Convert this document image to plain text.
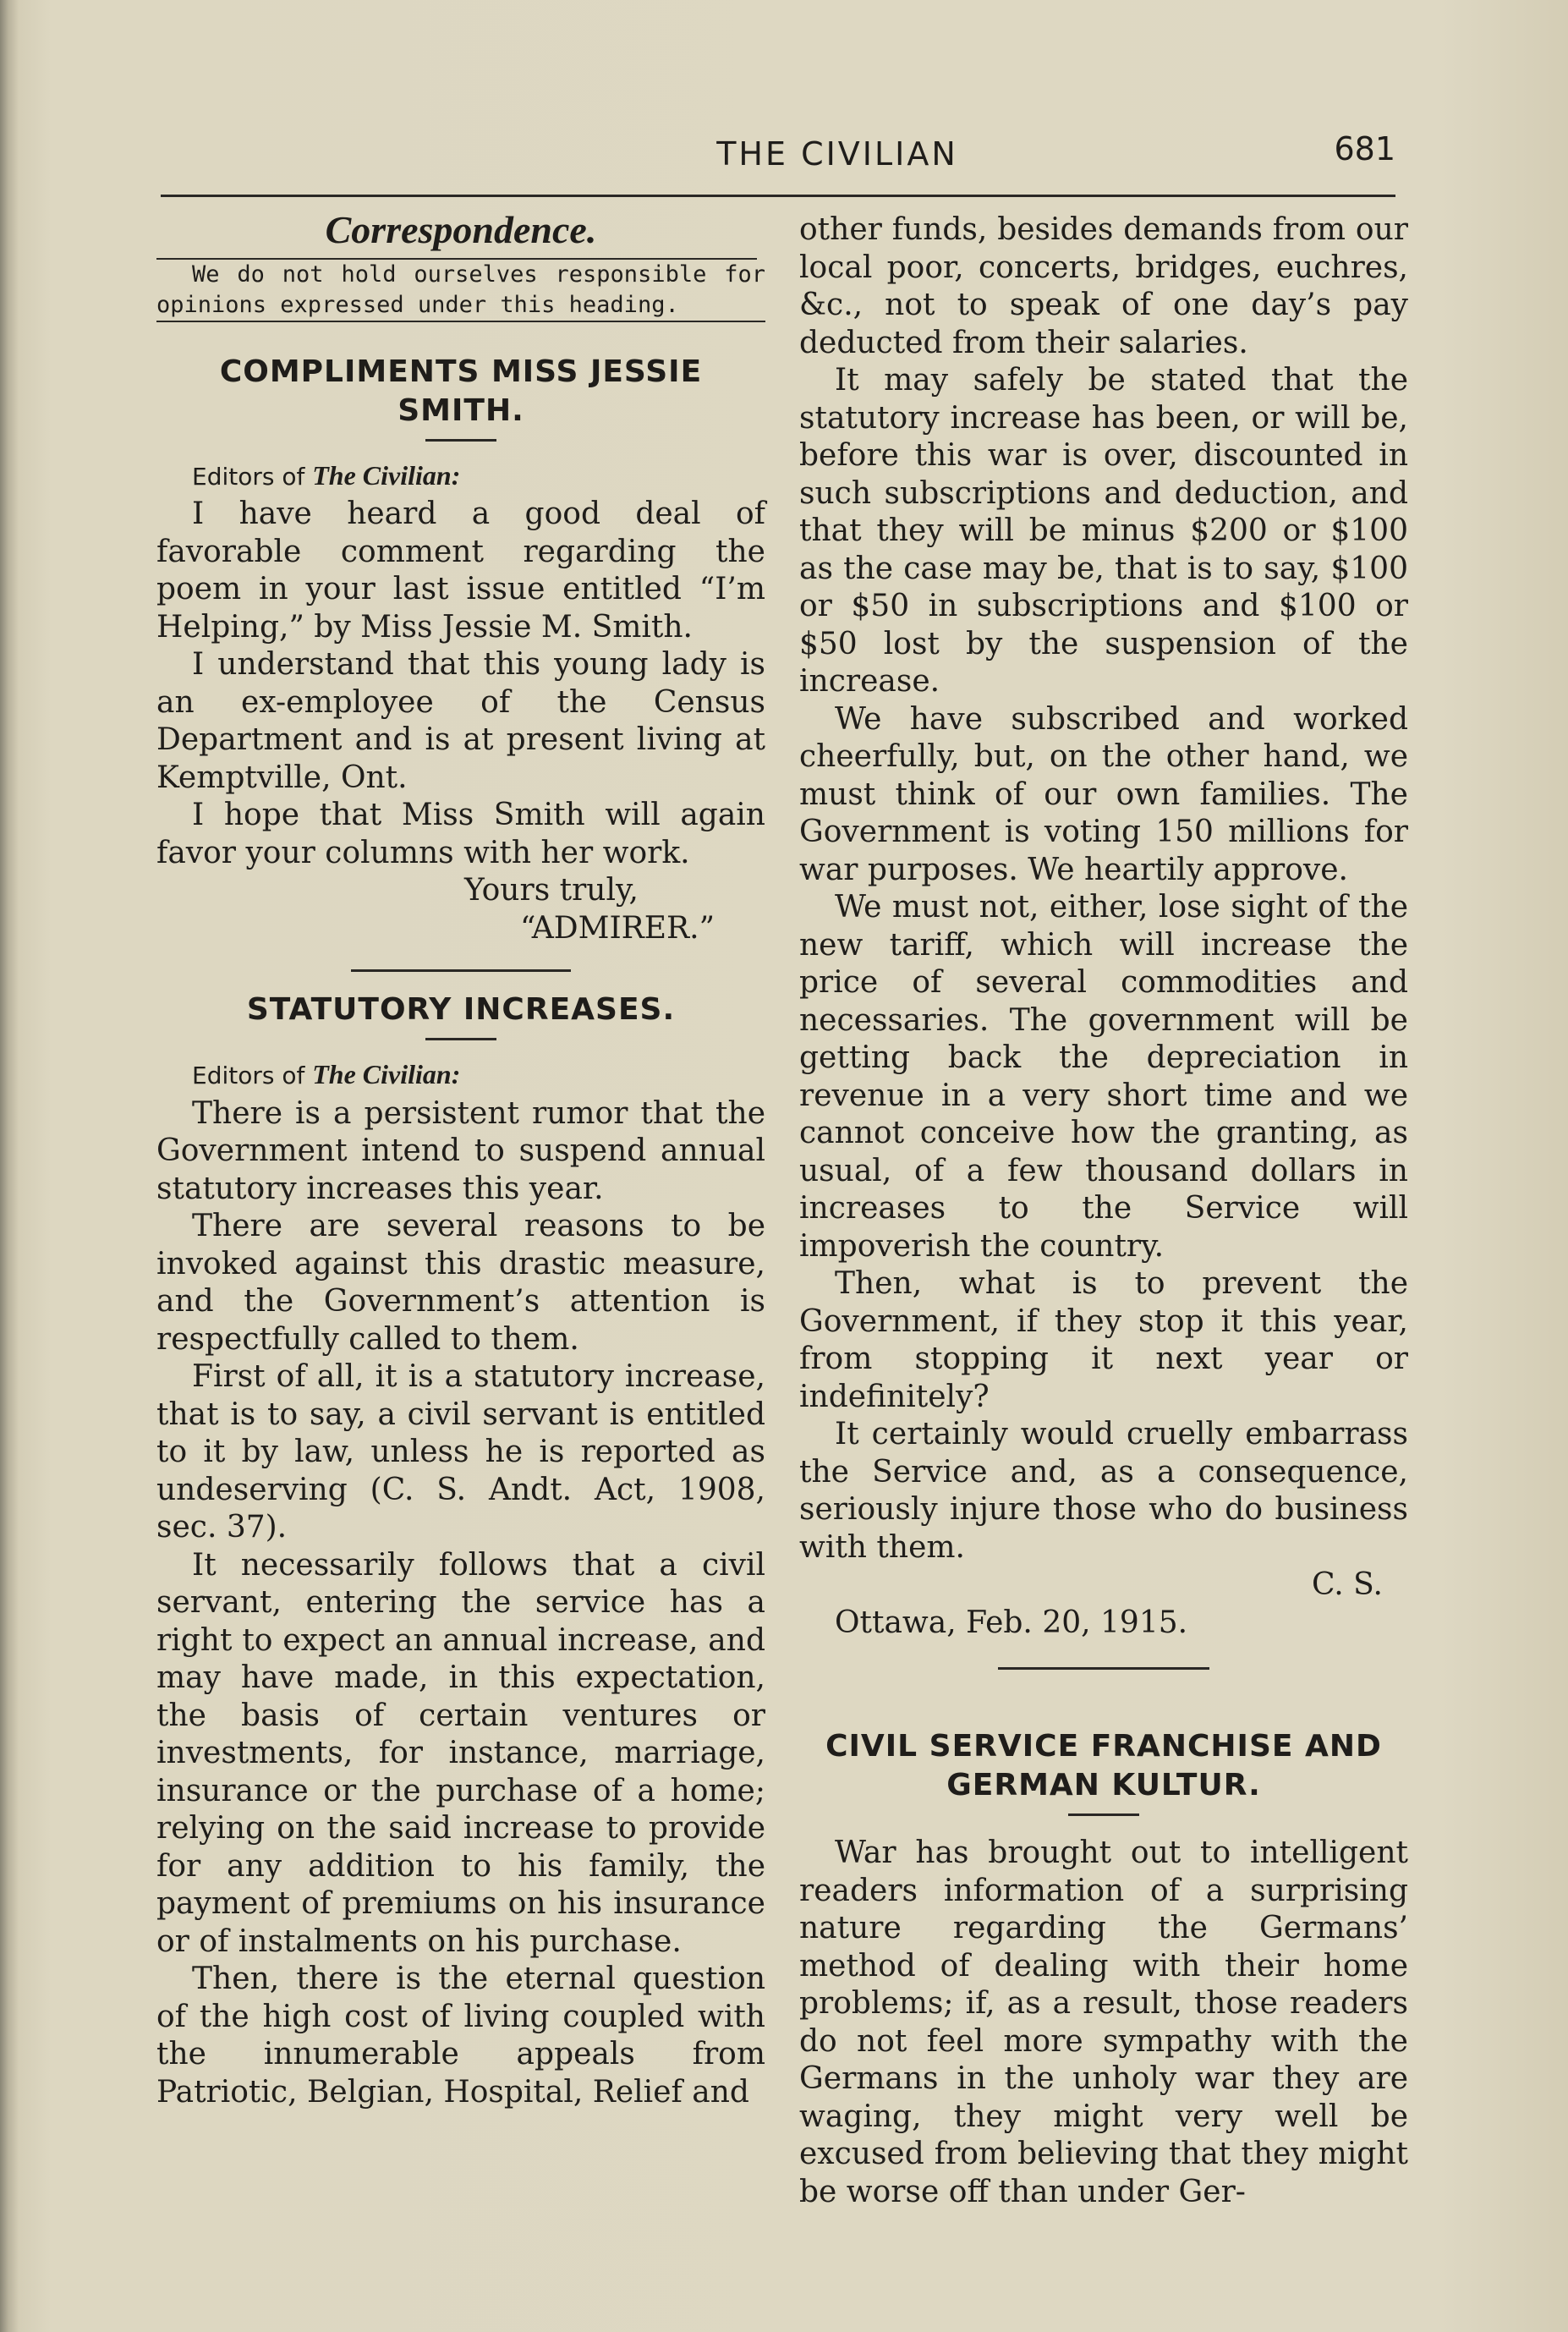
THE CIVILIAN	681
Correspondence.

We do not hold ourselves responsible for opinions expressed under this heading.

COMPLIMENTS MISS JESSIE SMITH.

Editors of The Civilian:

I have heard a good deal of favorable comment regarding the poem in your last issue entitled “I’m Helping,” by Miss Jessie M. Smith.

I understand that this young lady is an ex-employee of the Census Department and is at present living at Kemptville, Ont.

I hope that Miss Smith will again favor your columns with her work.

Yours truly,

“ADMIRER.”

STATUTORY INCREASES.

Editors of The Civilian:

There is a persistent rumor that the Government intend to suspend annual statutory increases this year.

There are several reasons to be invoked against this drastic measure, and the Government’s attention is respectfully called to them.

First of all, it is a statutory increase, that is to say, a civil servant is entitled to it by law, unless he is reported as undeserving (C. S. Andt. Act, 1908, sec. 37).

It necessarily follows that a civil servant, entering the service has a right to expect an annual increase, and may have made, in this expectation, the basis of certain ventures or investments, for instance, marriage, insurance or the purchase of a home; relying on the said increase to provide for any addition to his family, the payment of premiums on his insurance or of instalments on his purchase.

Then, there is the eternal question of the high cost of living coupled with the innumerable appeals from Patriotic, Belgian, Hospital, Relief and

other funds, besides demands from our local poor, concerts, bridges, euchres, &c., not to speak of one day’s pay deducted from their salaries.

It may safely be stated that the statutory increase has been, or will be, before this war is over, discounted in such subscriptions and deduction, and that they will be minus $200 or $100 as the case may be, that is to say, $100 or $50 in subscriptions and $100 or $50 lost by the suspension of the increase.

We have subscribed and worked cheerfully, but, on the other hand, we must think of our own families. The Government is voting 150 millions for war purposes. We heartily approve.

We must not, either, lose sight of the new tariff, which will increase the price of several commodities and necessaries. The government will be getting back the depreciation in revenue in a very short time and we cannot conceive how the granting, as usual, of a few thousand dollars in increases to the Service will impoverish the country.

Then, what is to prevent the Government, if they stop it this year, from stopping it next year or indefinitely?

It certainly would cruelly embarrass the Service and, as a consequence, seriously injure those who do business with them.

C. S.

Ottawa, Feb. 20, 1915.

CIVIL SERVICE FRANCHISE AND GERMAN KULTUR.

War has brought out to intelligent readers information of a surprising nature regarding the Germans’ method of dealing with their home problems; if, as a result, those readers do not feel more sympathy with the Germans in the unholy war they are waging, they might very well be excused from believing that they might be worse off than under Ger-
